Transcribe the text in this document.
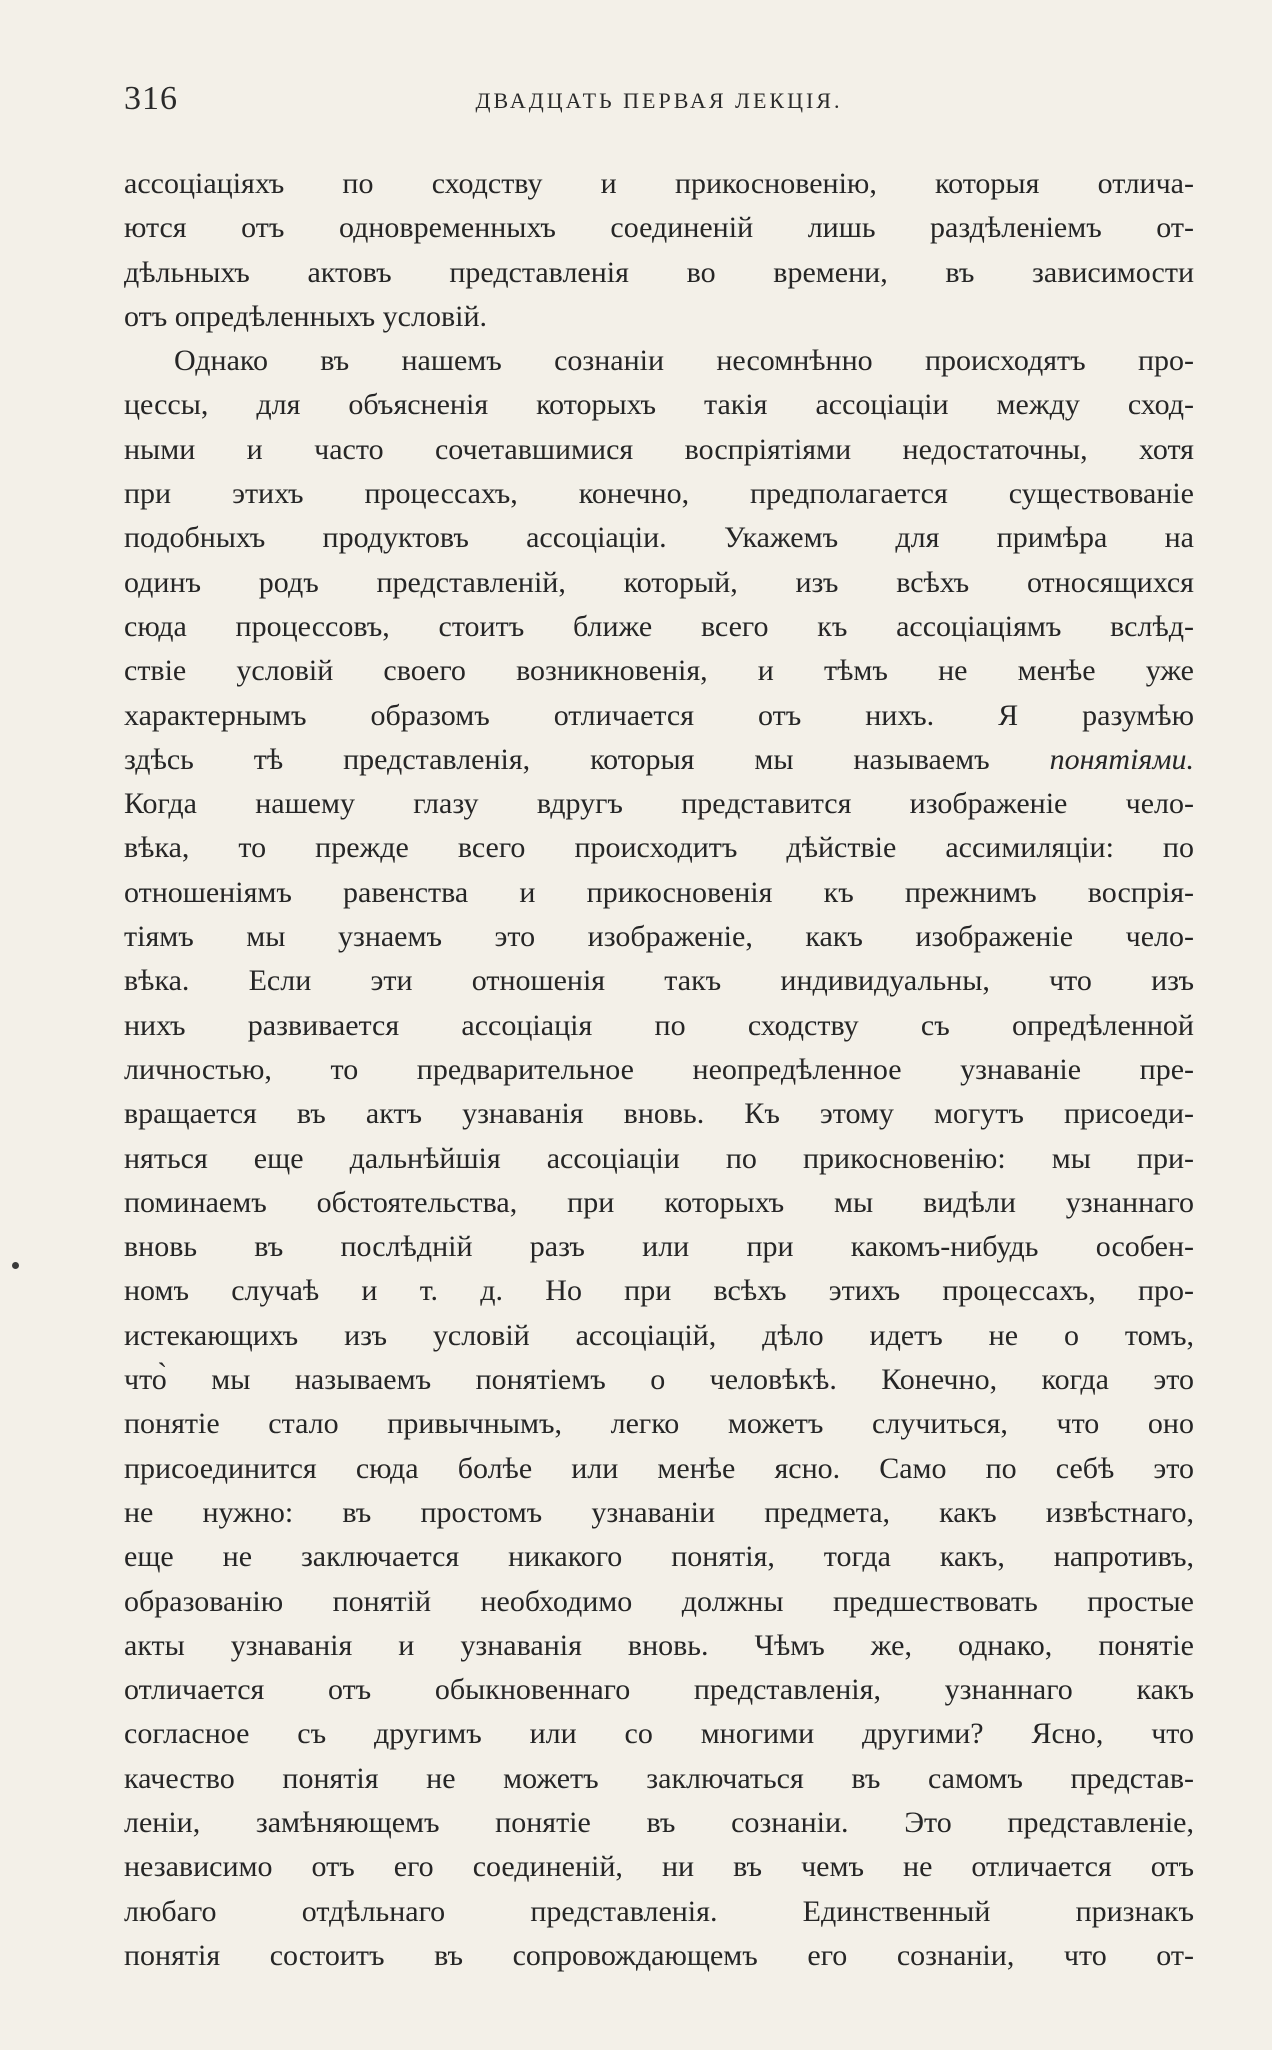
316	ДВАДЦАТЬ ПЕРВАЯ ЛЕКЦІЯ.
ассоціаціяхъ по сходству и прикосновенію, которыя отлича-
ются отъ одновременныхъ соединеній лишь раздѣленіемъ от-
дѣльныхъ актовъ представленія во времени, въ зависимости
отъ опредѣленныхъ условій.
Однако въ нашемъ сознаніи несомнѣнно происходятъ про-
цессы, для объясненія которыхъ такія ассоціаціи между сход-
ными и часто сочетавшимися воспріятіями недостаточны, хотя
при этихъ процессахъ, конечно, предполагается существованіе
подобныхъ продуктовъ ассоціаціи. Укажемъ для примѣра на
одинъ родъ представленій, который, изъ всѣхъ относящихся
сюда процессовъ, стоитъ ближе всего къ ассоціаціямъ вслѣд-
ствіе условій своего возникновенія, и тѣмъ не менѣе уже
характернымъ образомъ отличается отъ нихъ. Я разумѣю
здѣсь тѣ представленія, которыя мы называемъ понятіями.
Когда нашему глазу вдругъ представится изображеніе чело-
вѣка, то прежде всего происходитъ дѣйствіе ассимиляціи: по
отношеніямъ равенства и прикосновенія къ прежнимъ воспрія-
тіямъ мы узнаемъ это изображеніе, какъ изображеніе чело-
вѣка. Если эти отношенія такъ индивидуальны, что изъ
нихъ развивается ассоціація по сходству съ опредѣленной
личностью, то предварительное неопредѣленное узнаваніе пре-
вращается въ актъ узнаванія вновь. Къ этому могутъ присоеди-
няться еще дальнѣйшія ассоціаціи по прикосновенію: мы при-
поминаемъ обстоятельства, при которыхъ мы видѣли узнаннаго
вновь въ послѣдній разъ или при какомъ-нибудь особен-
номъ случаѣ и т. д. Но при всѣхъ этихъ процессахъ, про-
истекающихъ изъ условій ассоціацій, дѣло идетъ не о томъ,
что̀ мы называемъ понятіемъ о человѣкѣ. Конечно, когда это
понятіе стало привычнымъ, легко можетъ случиться, что оно
присоединится сюда болѣе или менѣе ясно. Само по себѣ это
не нужно: въ простомъ узнаваніи предмета, какъ извѣстнаго,
еще не заключается никакого понятія, тогда какъ, напротивъ,
образованію понятій необходимо должны предшествовать простые
акты узнаванія и узнаванія вновь. Чѣмъ же, однако, понятіе
отличается отъ обыкновеннаго представленія, узнаннаго какъ
согласное съ другимъ или со многими другими? Ясно, что
качество понятія не можетъ заключаться въ самомъ представ-
леніи, замѣняющемъ понятіе въ сознаніи. Это представленіе,
независимо отъ его соединеній, ни въ чемъ не отличается отъ
любаго отдѣльнаго представленія. Единственный признакъ
понятія состоитъ въ сопровождающемъ его сознаніи, что от-
